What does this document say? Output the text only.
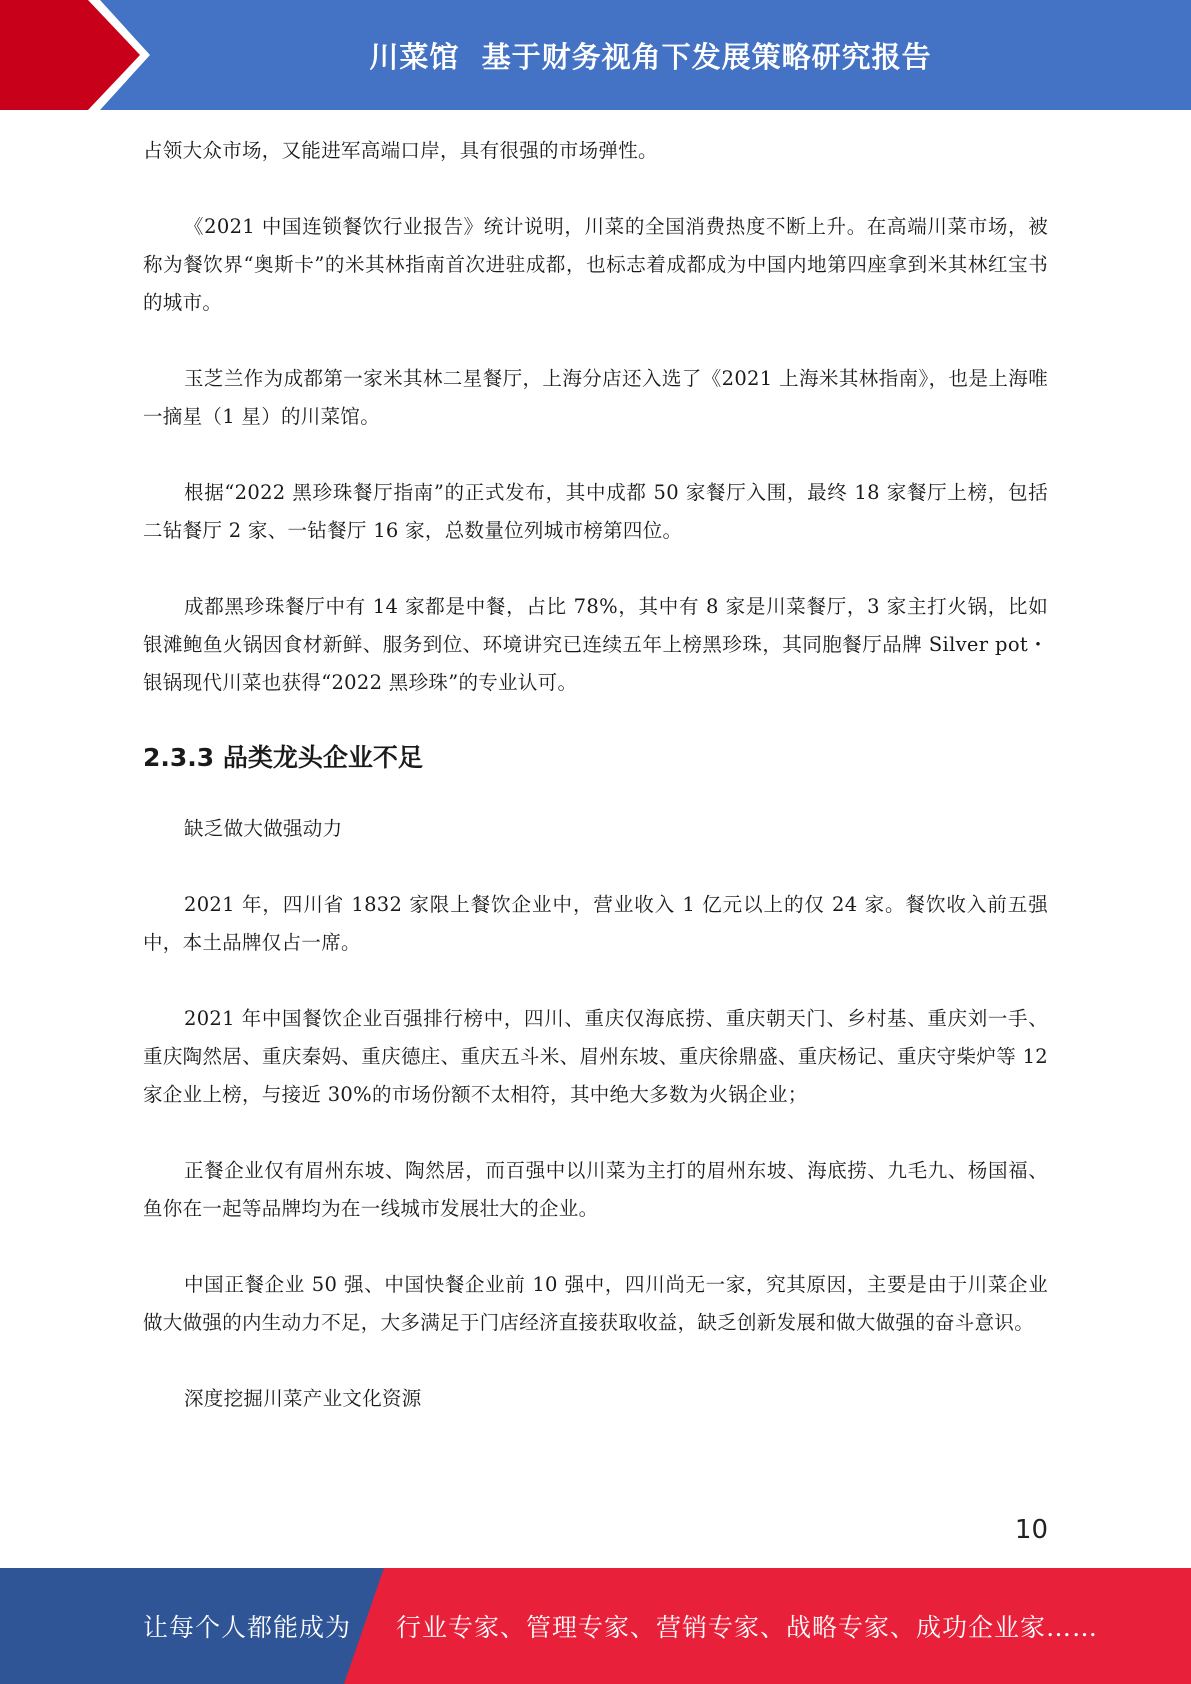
川菜馆  基于财务视角下发展策略研究报告

占领大众市场，又能进军高端口岸，具有很强的市场弹性。

《2021 中国连锁餐饮行业报告》统计说明，川菜的全国消费热度不断上升。在高端川菜市场，被称为餐饮界“奥斯卡”的米其林指南首次进驻成都，也标志着成都成为中国内地第四座拿到米其林红宝书的城市。

玉芝兰作为成都第一家米其林二星餐厅，上海分店还入选了《2021 上海米其林指南》，也是上海唯一摘星（1 星）的川菜馆。

根据“2022 黑珍珠餐厅指南”的正式发布，其中成都 50 家餐厅入围，最终 18 家餐厅上榜，包括二钻餐厅 2 家、一钻餐厅 16 家，总数量位列城市榜第四位。

成都黑珍珠餐厅中有 14 家都是中餐，占比 78%，其中有 8 家是川菜餐厅，3 家主打火锅，比如银滩鲍鱼火锅因食材新鲜、服务到位、环境讲究已连续五年上榜黑珍珠，其同胞餐厅品牌 Silver pot・银锅现代川菜也获得“2022 黑珍珠”的专业认可。

2.3.3 品类龙头企业不足
缺乏做大做强动力

2021 年，四川省 1832 家限上餐饮企业中，营业收入 1 亿元以上的仅 24 家。餐饮收入前五强中，本土品牌仅占一席。

2021 年中国餐饮企业百强排行榜中，四川、重庆仅海底捞、重庆朝天门、乡村基、重庆刘一手、重庆陶然居、重庆秦妈、重庆德庄、重庆五斗米、眉州东坡、重庆徐鼎盛、重庆杨记、重庆守柴炉等 12 家企业上榜，与接近 30%的市场份额不太相符，其中绝大多数为火锅企业；

正餐企业仅有眉州东坡、陶然居，而百强中以川菜为主打的眉州东坡、海底捞、九毛九、杨国福、鱼你在一起等品牌均为在一线城市发展壮大的企业。

中国正餐企业 50 强、中国快餐企业前 10 强中，四川尚无一家，究其原因，主要是由于川菜企业做大做强的内生动力不足，大多满足于门店经济直接获取收益，缺乏创新发展和做大做强的奋斗意识。

深度挖掘川菜产业文化资源
10
让每个人都能成为 行业专家、管理专家、营销专家、战略专家、成功企业家……
